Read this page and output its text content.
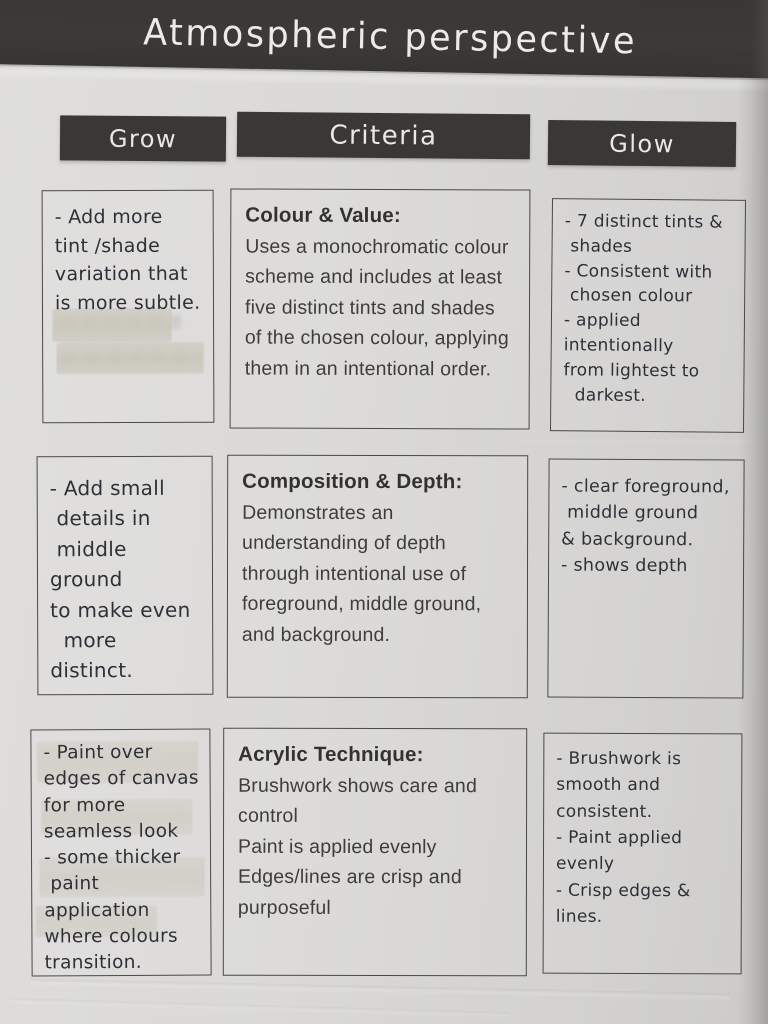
Atmospheric perspective
Grow	Criteria	Glow
- Add more
tint /shade
variation that
is more subtle.
Colour & Value:
Uses a monochromatic colour scheme and includes at least five distinct tints and shades of the chosen colour, applying them in an intentional order.
- 7 distinct tints &
shades
- Consistent with
chosen colour
- applied intentionally
from lightest to
darkest.
- Add small
details in
middle ground
to make even
more distinct.
Composition & Depth:
Demonstrates an understanding of depth through intentional use of foreground, middle ground, and background.
- clear foreground,
middle ground
& background.
- shows depth
- Paint over
edges of canvas
for more
seamless look
- some thicker
paint application
where colours
transition.
Acrylic Technique:
Brushwork shows care and control
Paint is applied evenly
Edges/lines are crisp and purposeful
- Brushwork is
smooth and consistent.
- Paint applied evenly
- Crisp edges & lines.
